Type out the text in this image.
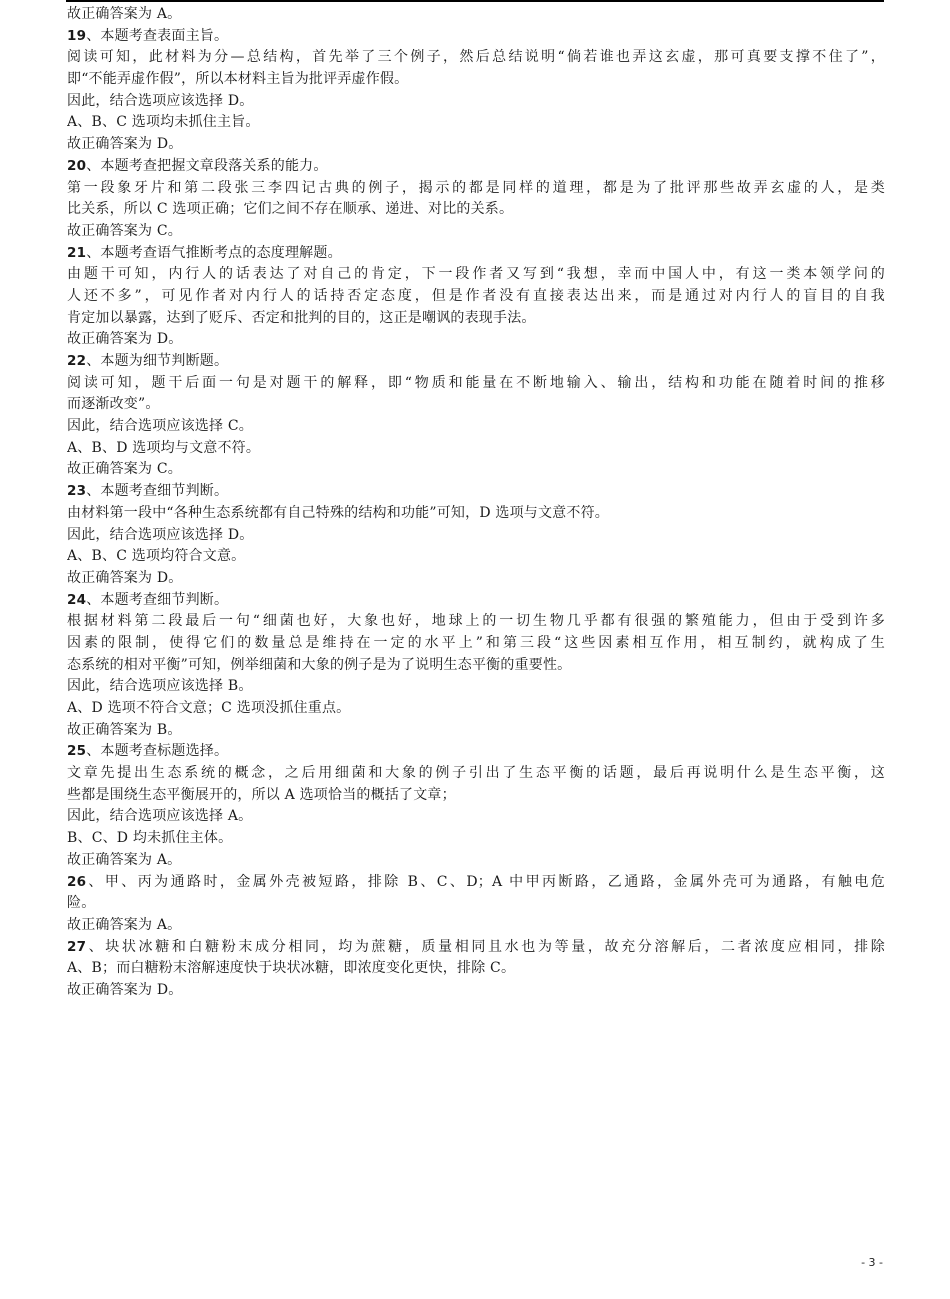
故正确答案为 A。
19、本题考查表面主旨。
阅读可知，此材料为分—总结构，首先举了三个例子，然后总结说明“倘若谁也弄这玄虚，那可真要支撑不住了”，
即“不能弄虚作假”，所以本材料主旨为批评弄虚作假。
因此，结合选项应该选择 D。
A、B、C 选项均未抓住主旨。
故正确答案为 D。
20、本题考查把握文章段落关系的能力。
第一段象牙片和第二段张三李四记古典的例子，揭示的都是同样的道理，都是为了批评那些故弄玄虚的人，是类
比关系，所以 C 选项正确；它们之间不存在顺承、递进、对比的关系。
故正确答案为 C。
21、本题考查语气推断考点的态度理解题。
由题干可知，内行人的话表达了对自己的肯定，下一段作者又写到“我想，幸而中国人中，有这一类本领学问的
人还不多”，可见作者对内行人的话持否定态度，但是作者没有直接表达出来，而是通过对内行人的盲目的自我
肯定加以暴露，达到了贬斥、否定和批判的目的，这正是嘲讽的表现手法。
故正确答案为 D。
22、本题为细节判断题。
阅读可知，题干后面一句是对题干的解释，即“物质和能量在不断地输入、输出，结构和功能在随着时间的推移
而逐渐改变”。
因此，结合选项应该选择 C。
A、B、D 选项均与文意不符。
故正确答案为 C。
23、本题考查细节判断。
由材料第一段中“各种生态系统都有自己特殊的结构和功能”可知，D 选项与文意不符。
因此，结合选项应该选择 D。
A、B、C 选项均符合文意。
故正确答案为 D。
24、本题考查细节判断。
根据材料第二段最后一句“细菌也好，大象也好，地球上的一切生物几乎都有很强的繁殖能力，但由于受到许多
因素的限制，使得它们的数量总是维持在一定的水平上”和第三段“这些因素相互作用，相互制约，就构成了生
态系统的相对平衡”可知，例举细菌和大象的例子是为了说明生态平衡的重要性。
因此，结合选项应该选择 B。
A、D 选项不符合文意；C 选项没抓住重点。
故正确答案为 B。
25、本题考查标题选择。
文章先提出生态系统的概念，之后用细菌和大象的例子引出了生态平衡的话题，最后再说明什么是生态平衡，这
些都是围绕生态平衡展开的，所以 A 选项恰当的概括了文章；
因此，结合选项应该选择 A。
B、C、D 均未抓住主体。
故正确答案为 A。
26、甲、丙为通路时，金属外壳被短路，排除 B、C、D；A 中甲丙断路，乙通路，金属外壳可为通路，有触电危
险。
故正确答案为 A。
27、块状冰糖和白糖粉末成分相同，均为蔗糖，质量相同且水也为等量，故充分溶解后，二者浓度应相同，排除
A、B；而白糖粉末溶解速度快于块状冰糖，即浓度变化更快，排除 C。
故正确答案为 D。
- 3 -
